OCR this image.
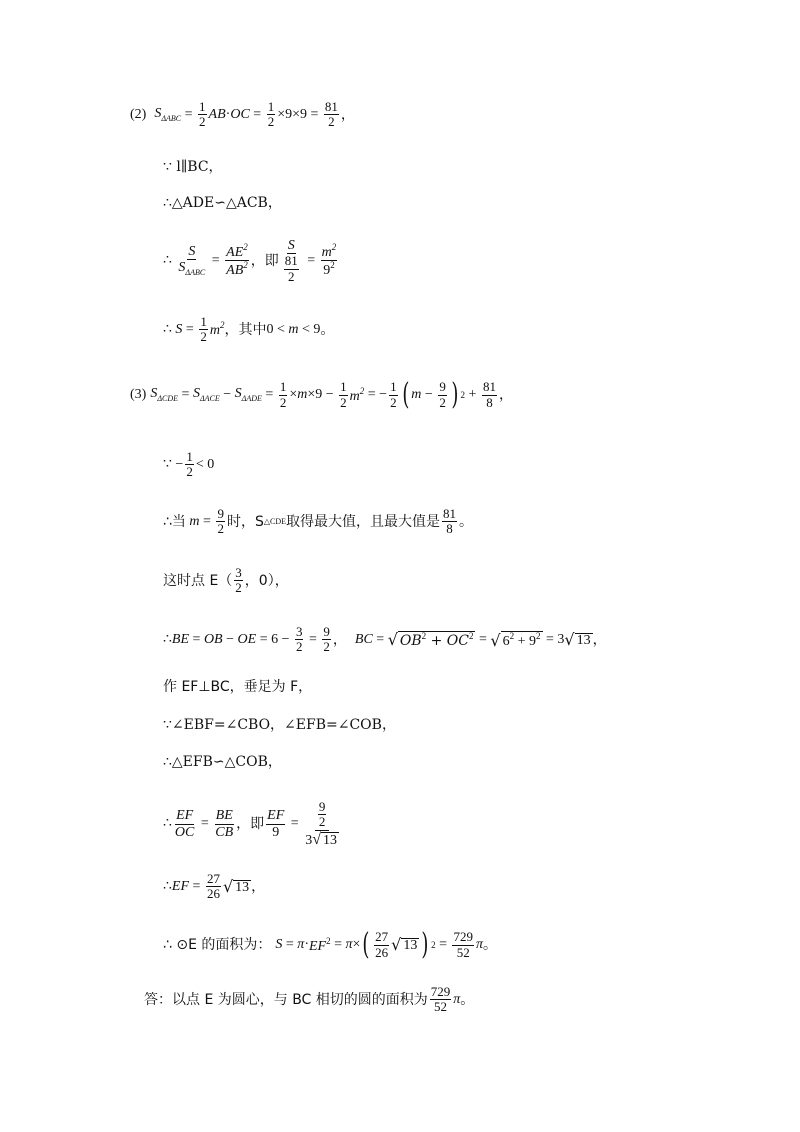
(2) $S_{\Delta ABC} = \frac{1}{2}$ AB · OC = $\frac{1}{2} \times 9\times 9 = \frac{81}{2}$ ，
∵ l∥BC，
∴△ADE∽△ACB，
∴ $\frac{S}{S_{\Delta ABC}} = \frac{AE^2}{AB^2}$ ，即 $\frac{S}{\frac{81}{2}} = \frac{m^2}{9^2}$
∴ $S = \frac{1}{2} m^2$ ，其中 0 < m < 9 。
(3) $S_{\Delta CDE} = S_{\Delta ACE} - S_{\Delta ADE} = \frac{1}{2} \times m \times 9 - \frac{1}{2} m^2$ = − $\frac{1}{2}$ ( $m - \frac{9}{2}$ ) $2 + \frac{81}{8}$ ，
∵ − $\frac{1}{2} < 0$
∴当 $m = \frac{9}{2}$ 时，S △CDE 取得最大值，且最大值是 $\frac{81}{8}$ 。
这时点 $E( \frac{3}{2}$ ，0），
∴ BE = OB − OE = $6 - \frac{3}{2} = \frac{9}{2}$ ， BC = √ $OB^2 + OC^2$ = √ $6^2 + 9^2 = 3$ √ 13 ，
作 EF⊥BC，垂足为 F，
∵∠EBF=∠CBO，∠EFB=∠COB，
∴△EFB∽△COB，
∴ $\frac{EF}{OC} = \frac{BE}{CB}$ ，即 $\frac{EF}{9} = \frac{\frac{9}{2}}{3 √ 13}$
∴ EF = $\frac{27}{26}$ √ 13 ，
∴ ⊙E 的面积为： $S = \pi \cdot EF^2 = \pi$ × ( $\frac{27}{26}$ √ 13 ) $2 = \frac{729}{52}$ π 。
答：以点 E 为圆心，与 BC 相切的圆的面积为 $\frac{729}{52}$ π 。
